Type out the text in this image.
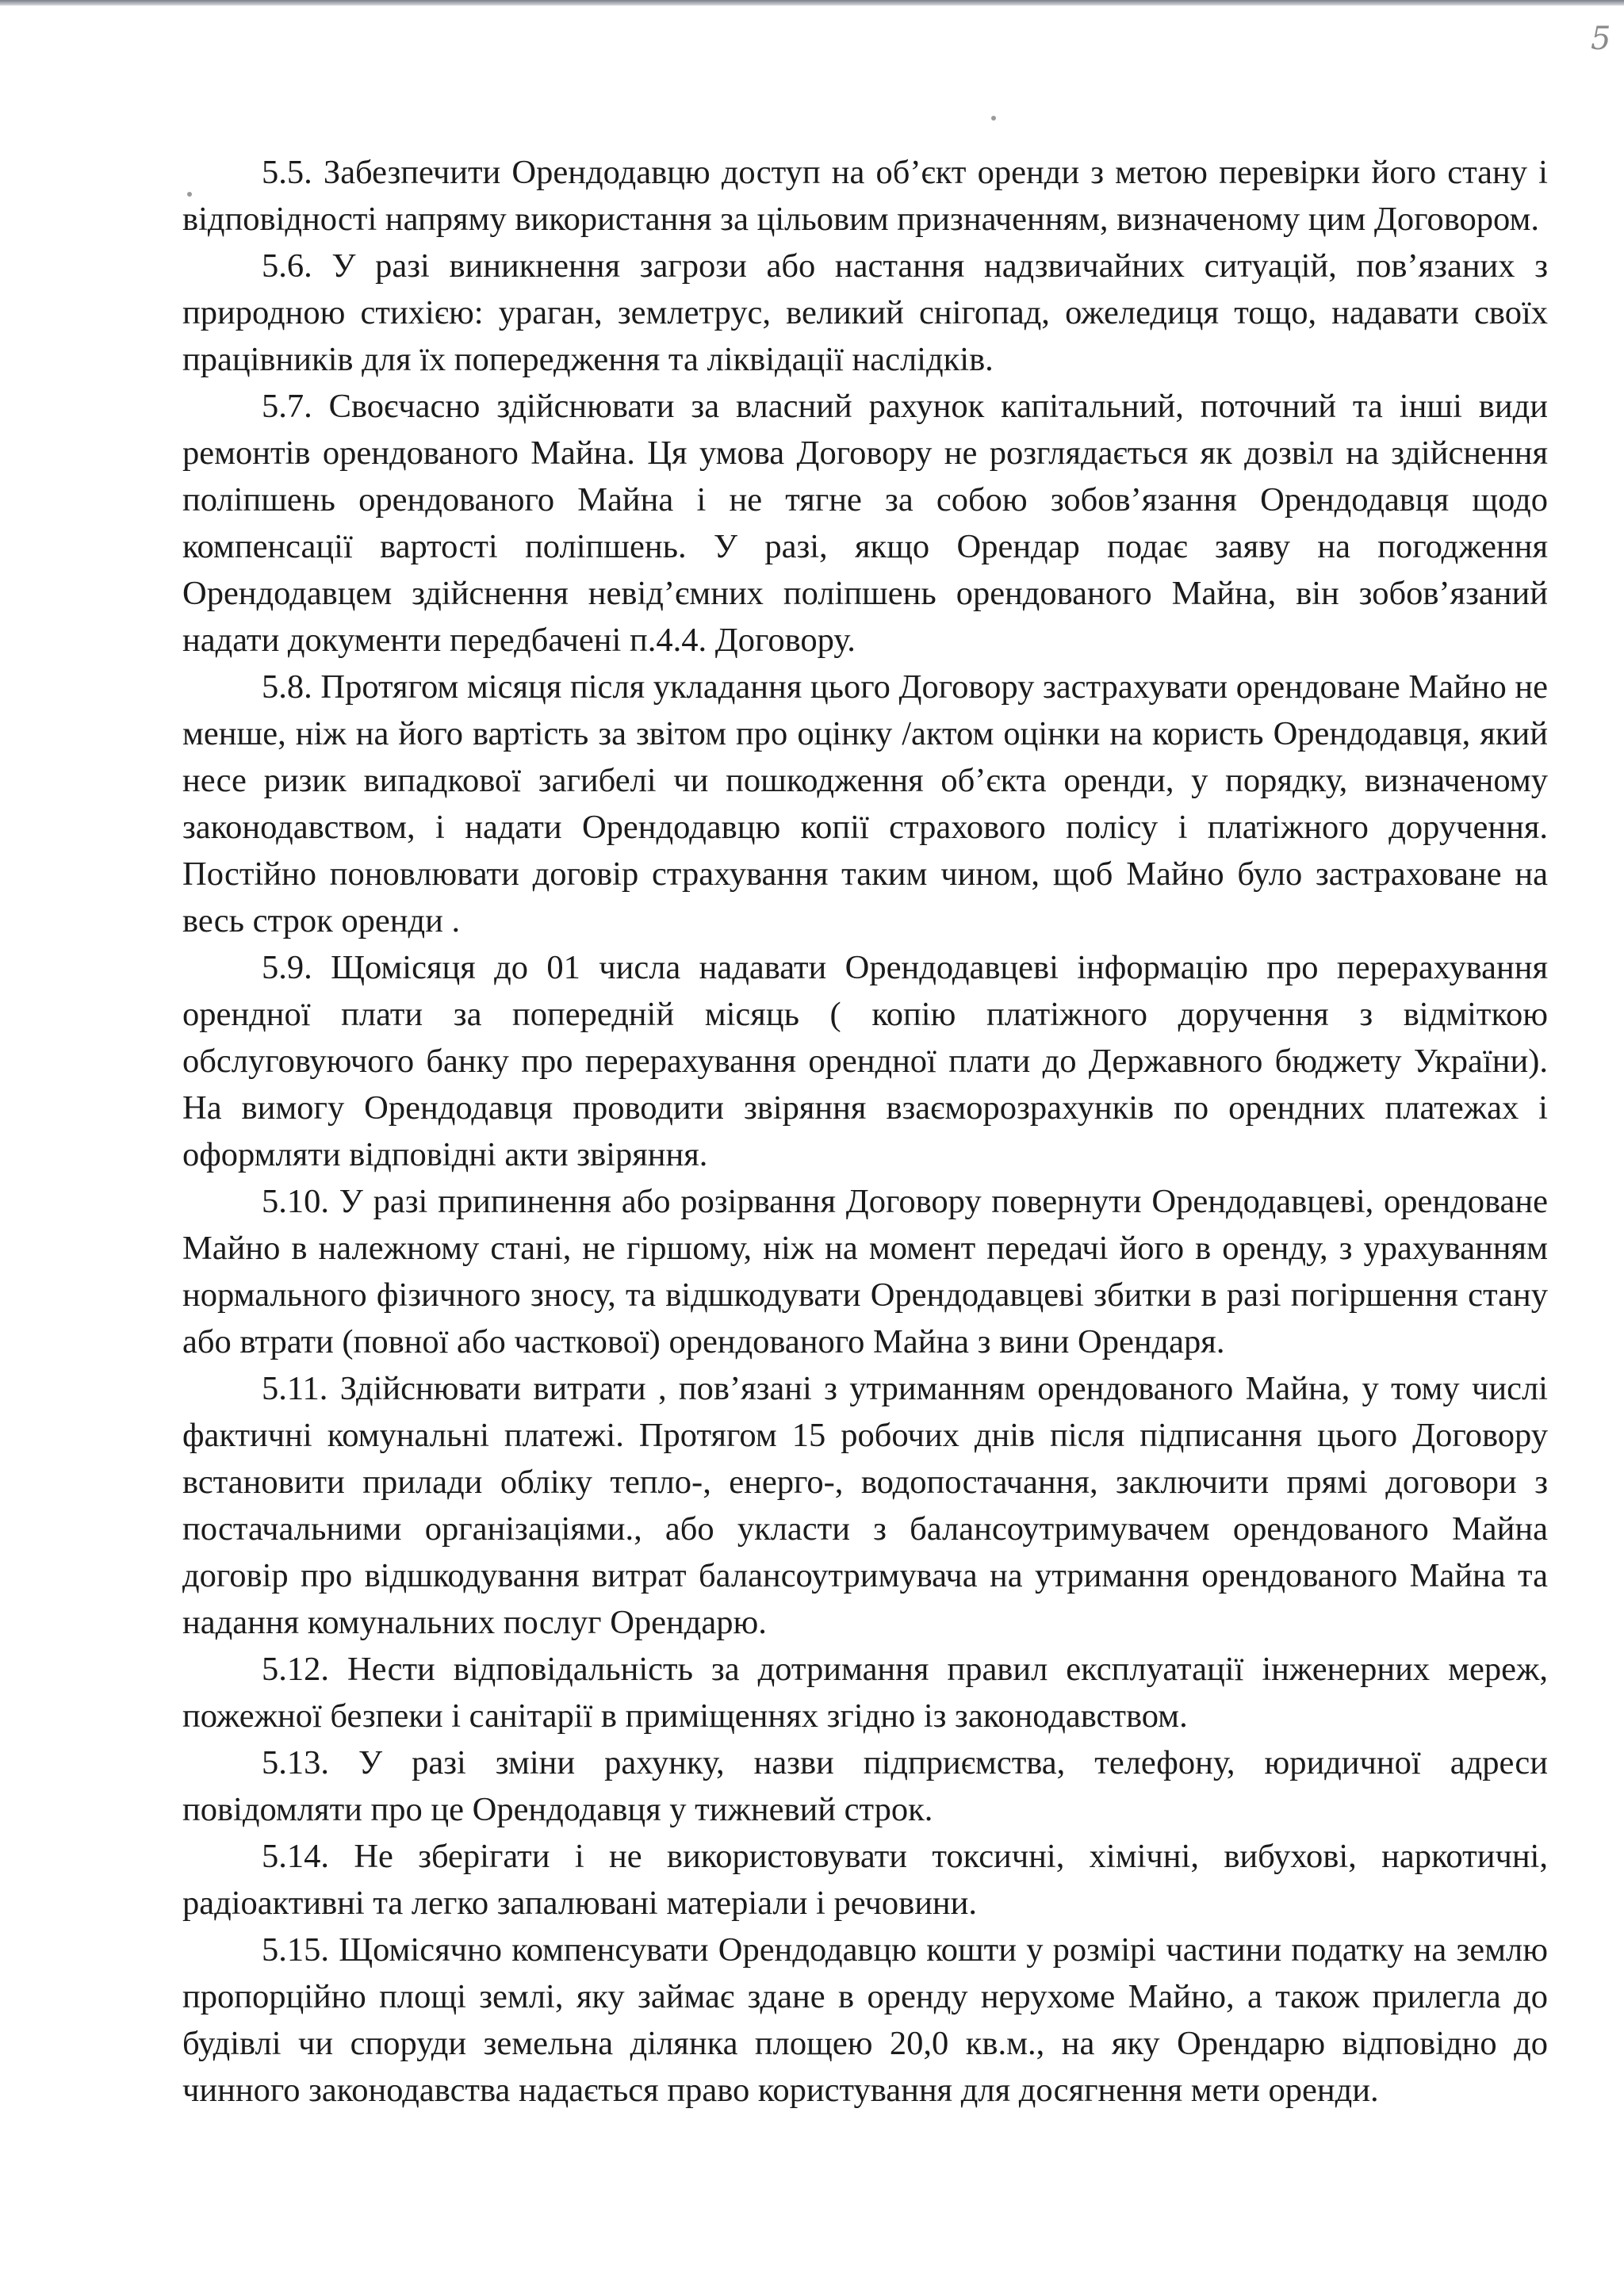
5

5.5. Забезпечити Орендодавцю доступ на об’єкт оренди з метою перевірки його стану і відповідності напряму використання за цільовим призначенням, визначеному цим Договором.

5.6. У разі виникнення загрози або настання надзвичайних ситуацій, пов’язаних з природною стихією: ураган, землетрус, великий снігопад, ожеледиця тощо, надавати своїх працівників для їх попередження та ліквідації наслідків.

5.7. Своєчасно здійснювати за власний рахунок капітальний, поточний та інші види ремонтів орендованого Майна. Ця умова Договору не розглядається як дозвіл на здійснення поліпшень орендованого Майна і не тягне за собою зобов’язання Орендодавця щодо компенсації вартості поліпшень. У разі, якщо Орендар подає заяву на погодження Орендодавцем здійснення невід’ємних поліпшень орендованого Майна, він зобов’язаний надати документи передбачені п.4.4. Договору.

5.8. Протягом місяця після укладання цього Договору застрахувати орендоване Майно не менше, ніж на його вартість за звітом про оцінку /актом оцінки на користь Орендодавця, який несе ризик випадкової загибелі чи пошкодження об’єкта оренди, у порядку, визначеному законодавством, і надати Орендодавцю копії страхового полісу і платіжного доручення. Постійно поновлювати договір страхування таким чином, щоб Майно було застраховане на весь строк оренди .

5.9. Щомісяця до 01 числа надавати Орендодавцеві інформацію про перерахування орендної плати за попередній місяць ( копію платіжного доручення з відміткою обслуговуючого банку про перерахування орендної плати до Державного бюджету України). На вимогу Орендодавця проводити звіряння взаєморозрахунків по орендних платежах і оформляти відповідні акти звіряння.

5.10. У разі припинення або розірвання Договору повернути Орендодавцеві, орендоване Майно в належному стані, не гіршому, ніж на момент передачі його в оренду, з урахуванням нормального фізичного зносу, та відшкодувати Орендодавцеві збитки в разі погіршення стану або втрати (повної або часткової) орендованого Майна з вини Орендаря.

5.11. Здійснювати витрати , пов’язані з утриманням орендованого Майна, у тому числі фактичні комунальні платежі. Протягом 15 робочих днів після підписання цього Договору встановити прилади обліку тепло-, енерго-, водопостачання, заключити прямі договори з постачальними організаціями., або укласти з балансоутримувачем орендованого Майна договір про відшкодування витрат балансоутримувача на утримання орендованого Майна та надання комунальних послуг Орендарю.

5.12. Нести відповідальність за дотримання правил експлуатації інженерних мереж, пожежної безпеки і санітарії в приміщеннях згідно із законодавством.

5.13. У разі зміни рахунку, назви підприємства, телефону, юридичної адреси повідомляти про це Орендодавця у тижневий строк.

5.14. Не зберігати і не використовувати токсичні, хімічні, вибухові, наркотичні, радіоактивні та легко запалювані матеріали і речовини.

5.15. Щомісячно компенсувати Орендодавцю кошти у розмірі частини податку на землю пропорційно площі землі, яку займає здане в оренду нерухоме Майно, а також прилегла до будівлі чи споруди земельна ділянка площею 20,0 кв.м., на яку Орендарю відповідно до чинного законодавства надається право користування для досягнення мети оренди.
